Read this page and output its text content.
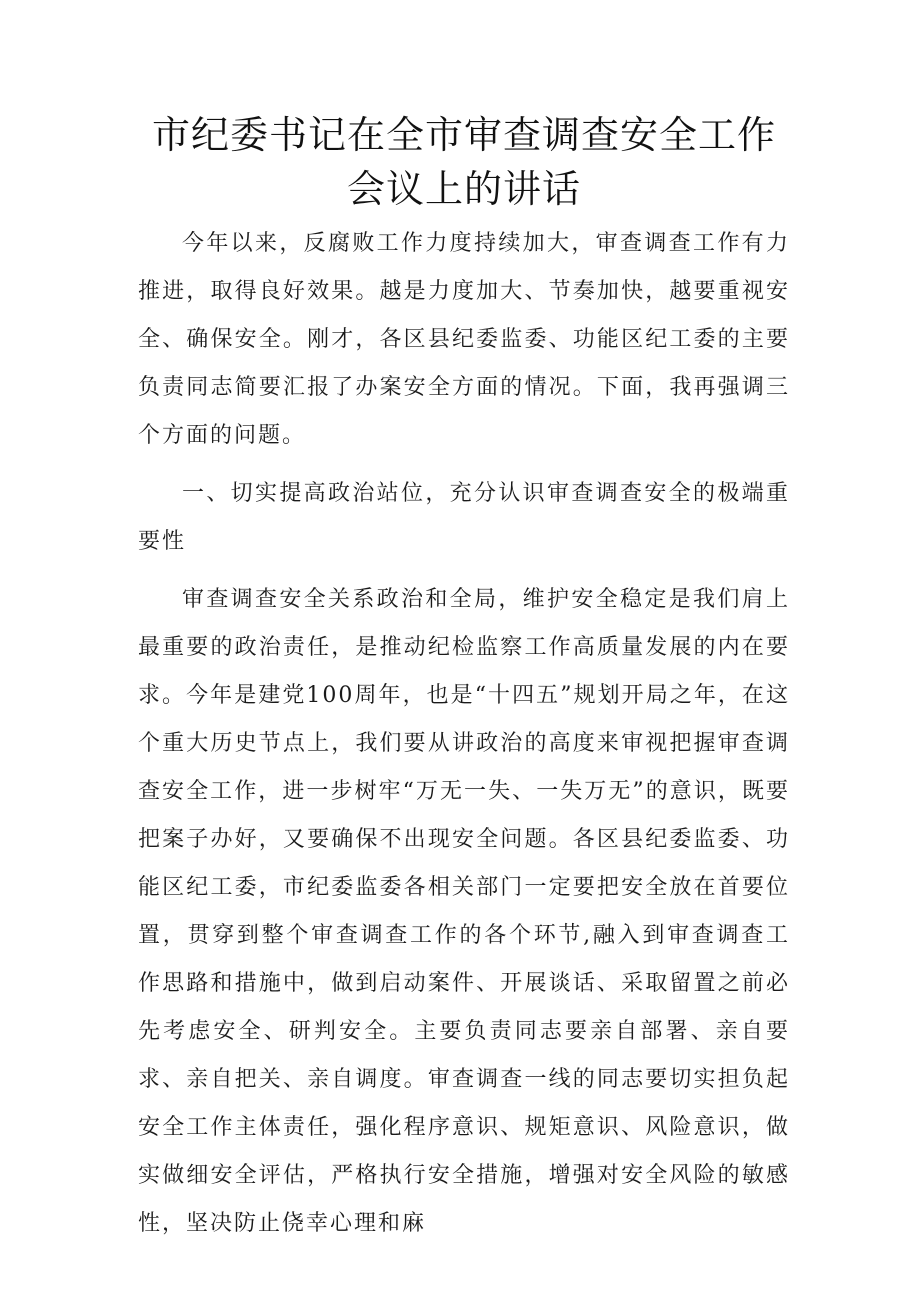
市纪委书记在全市审查调查安全工作会议上的讲话

今年以来，反腐败工作力度持续加大，审查调查工作有力推进，取得良好效果。越是力度加大、节奏加快，越要重视安全、确保安全。刚才，各区县纪委监委、功能区纪工委的主要负责同志简要汇报了办案安全方面的情况。下面，我再强调三个方面的问题。

一、切实提高政治站位，充分认识审查调查安全的极端重要性

审查调查安全关系政治和全局，维护安全稳定是我们肩上最重要的政治责任，是推动纪检监察工作高质量发展的内在要求。今年是建党100周年，也是“十四五”规划开局之年，在这个重大历史节点上，我们要从讲政治的高度来审视把握审查调查安全工作，进一步树牢“万无一失、一失万无”的意识，既要把案子办好，又要确保不出现安全问题。各区县纪委监委、功能区纪工委，市纪委监委各相关部门一定要把安全放在首要位置，贯穿到整个审查调查工作的各个环节,融入到审查调查工作思路和措施中，做到启动案件、开展谈话、采取留置之前必先考虑安全、研判安全。主要负责同志要亲自部署、亲自要求、亲自把关、亲自调度。审查调查一线的同志要切实担负起安全工作主体责任，强化程序意识、规矩意识、风险意识，做实做细安全评估，严格执行安全措施，增强对安全风险的敏感性，坚决防止侥幸心理和麻
